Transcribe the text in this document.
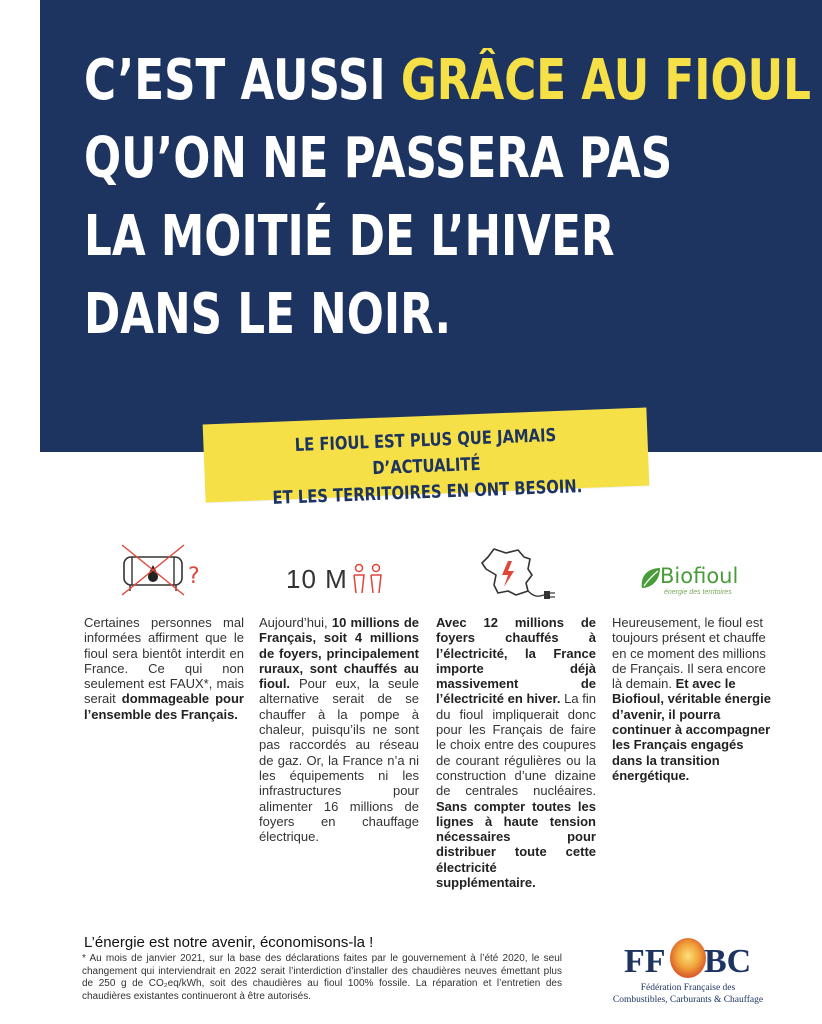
C’EST AUSSI GRÂCE AU FIOUL
QU’ON NE PASSERA PAS
LA MOITIÉ DE L’HIVER
DANS LE NOIR.
LE FIOUL EST PLUS QUE JAMAIS D’ACTUALITÉ
ET LES TERRITOIRES EN ONT BESOIN.
?	10 M	Biofioul
énergie des territoires
Certaines personnes mal informées affirment que le fioul sera bientôt interdit en France. Ce qui non seulement est FAUX*, mais serait dommageable pour l’ensemble des Français.
Aujourd’hui, 10 millions de Français, soit 4 millions de foyers, principalement ruraux, sont chauffés au fioul. Pour eux, la seule alternative serait de se chauffer à la pompe à chaleur, puisqu’ils ne sont pas raccordés au réseau de gaz. Or, la France n’a ni les équipements ni les infrastructures pour alimenter 16 millions de foyers en chauffage électrique.
Avec 12 millions de foyers chauffés à l’électricité, la France importe déjà massivement de l’électricité en hiver. La fin du fioul impliquerait donc pour les Français de faire le choix entre des coupures de courant régulières ou la construction d’une dizaine de centrales nucléaires. Sans compter toutes les lignes à haute tension nécessaires pour distribuer toute cette électricité supplémentaire.
Heureusement, le fioul est toujours présent et chauffe en ce moment des millions de Français. Il sera encore là demain. Et avec le Biofioul, véritable énergie d’avenir, il pourra continuer à accompagner les Français engagés dans la transition énergétique.
L’énergie est notre avenir, économisons-la !
* Au mois de janvier 2021, sur la base des déclarations faites par le gouvernement à l’été 2020, le seul changement qui interviendrait en 2022 serait l’interdiction d’installer des chaudières neuves émettant plus de 250 g de CO₂eq/kWh, soit des chaudières au fioul 100% fossile. La réparation et l’entretien des chaudières existantes continueront à être autorisés.
FF BC
Fédération Française des
Combustibles, Carburants & Chauffage
